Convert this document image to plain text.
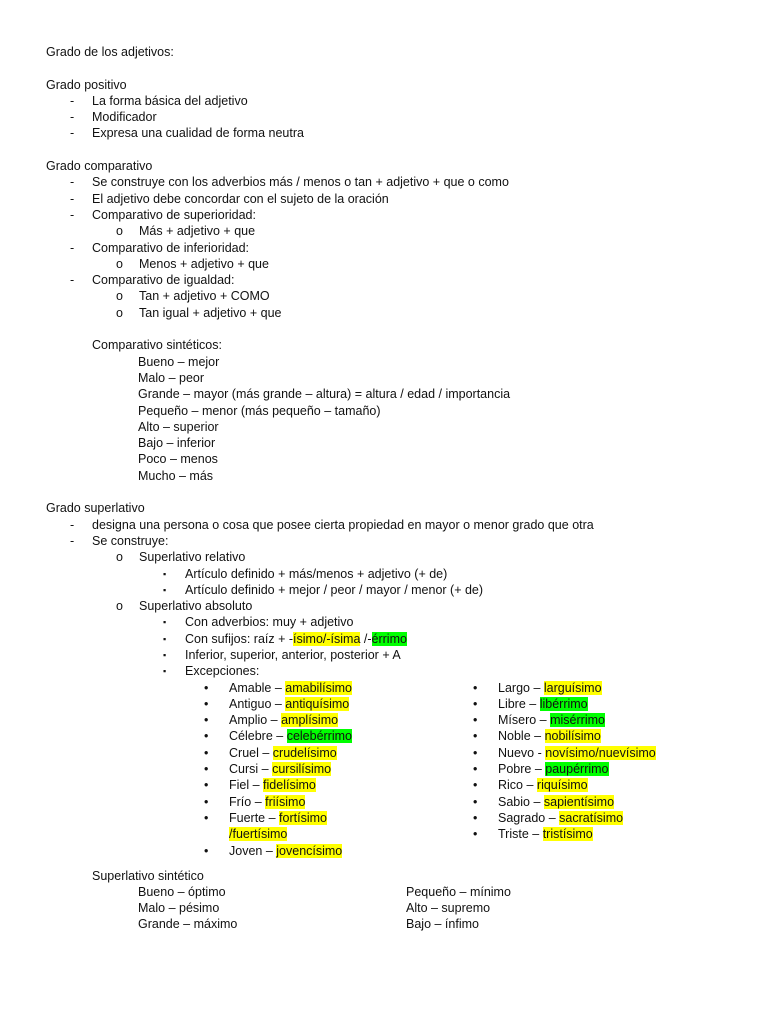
Grado de los adjetivos:
Grado positivo
- La forma básica del adjetivo
- Modificador
- Expresa una cualidad de forma neutra
Grado comparativo
- Se construye con los adverbios más / menos o tan + adjetivo + que o como
- El adjetivo debe concordar con el sujeto de la oración
- Comparativo de superioridad:
o Más + adjetivo + que
- Comparativo de inferioridad:
o Menos + adjetivo + que
- Comparativo de igualdad:
o Tan + adjetivo + COMO
o Tan igual + adjetivo + que
Comparativo sintéticos:
Bueno – mejor
Malo – peor
Grande – mayor (más grande – altura) = altura / edad / importancia
Pequeño – menor (más pequeño – tamaño)
Alto – superior
Bajo – inferior
Poco – menos
Mucho – más
Grado superlativo
- designa una persona o cosa que posee cierta propiedad en mayor o menor grado que otra
- Se construye:
o Superlativo relativo
▪ Artículo definido + más/menos + adjetivo (+ de)
▪ Artículo definido + mejor / peor / mayor / menor (+ de)
o Superlativo absoluto
▪ Con adverbios: muy + adjetivo
▪ Con sufijos: raíz + -ísimo/-ísima /-érrimo
▪ Inferior, superior, anterior, posterior + A
▪ Excepciones:
• Amable – amabilísimo
• Antiguo – antiquísimo
• Amplio – amplísimo
• Célebre – celebérrimo
• Cruel – crudelísimo
• Cursi – cursilísimo
• Fiel – fidelísimo
• Frío – friísimo
• Fuerte – fortísimo
/fuertísimo
• Joven – jovencísimo
• Largo – larguísimo
• Libre – libérrimo
• Mísero – misérrimo
• Noble – nobilísimo
• Nuevo - novísimo/nuevísimo
• Pobre – paupérrimo
• Rico – riquísimo
• Sabio – sapientísimo
• Sagrado – sacratísimo
• Triste – tristísimo
Superlativo sintético
Bueno – óptimo
Malo – pésimo
Grande – máximo
Pequeño – mínimo
Alto – supremo
Bajo – ínfimo
